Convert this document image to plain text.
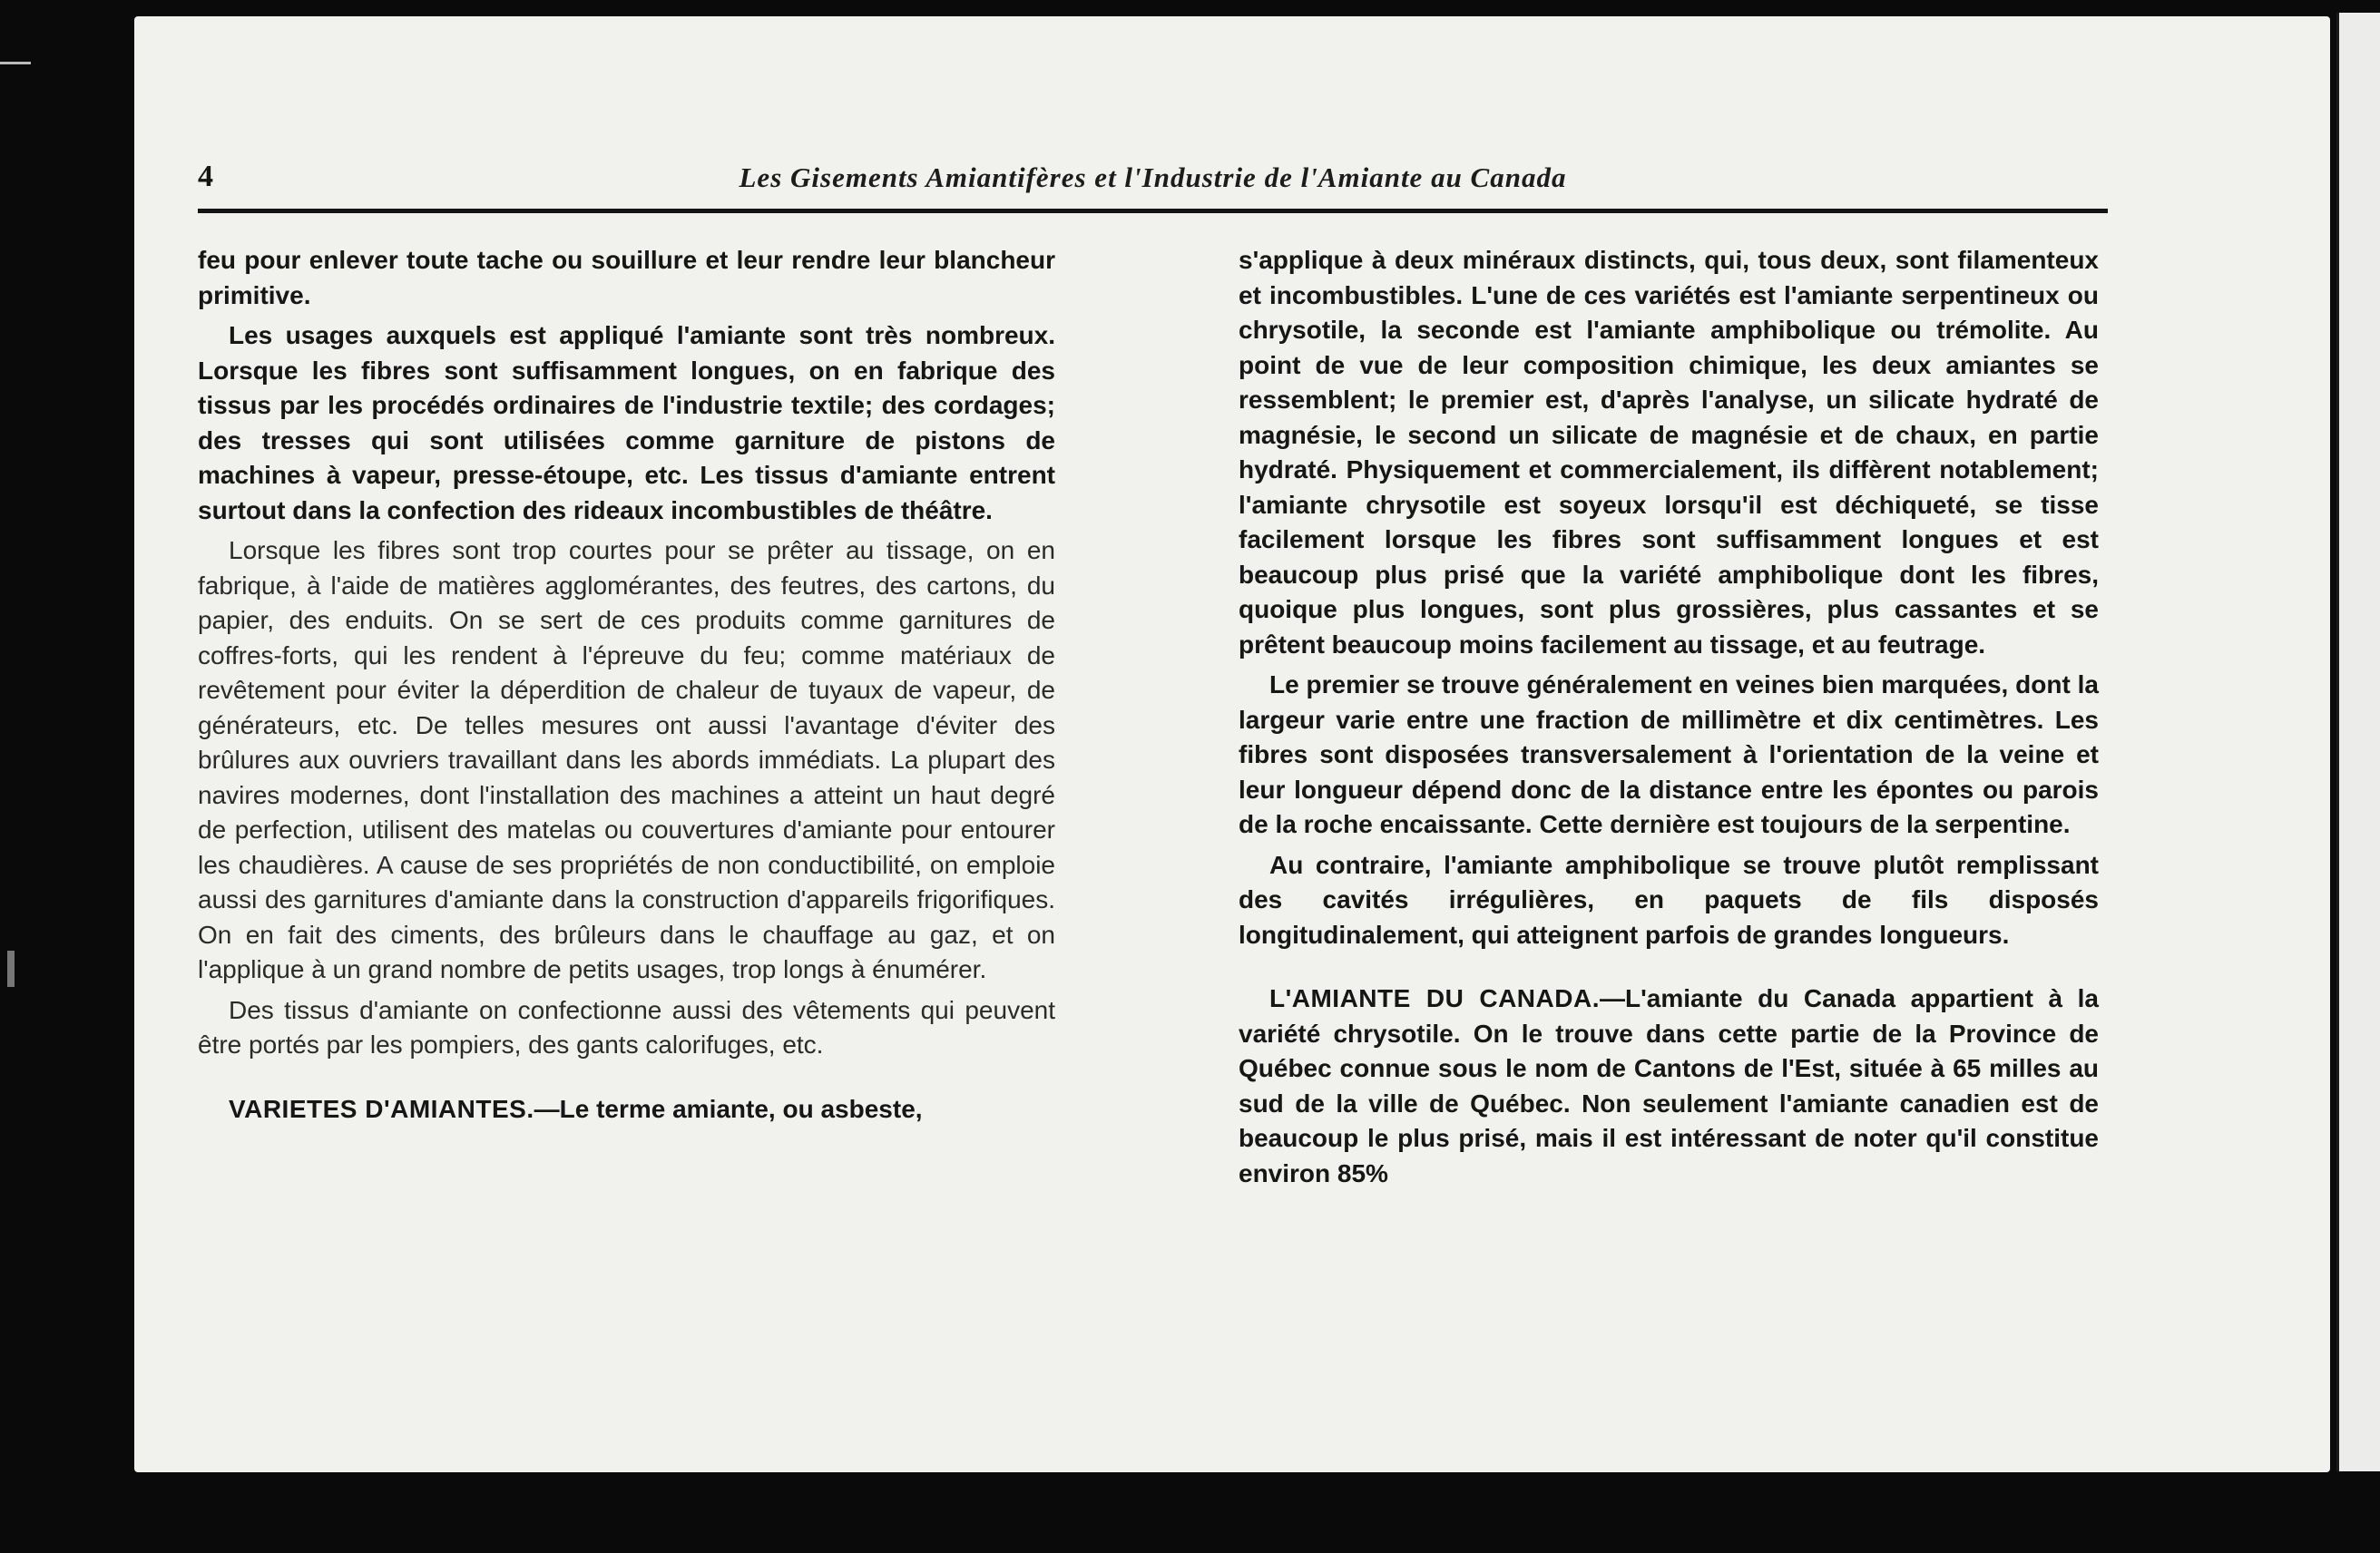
4	Les Gisements Amiantifères et l'Industrie de l'Amiante au Canada

feu pour enlever toute tache ou souillure et leur rendre leur blancheur primitive.

Les usages auxquels est appliqué l'amiante sont très nombreux. Lorsque les fibres sont suffisamment longues, on en fabrique des tissus par les procédés ordinaires de l'industrie textile; des cordages; des tresses qui sont utilisées comme garniture de pistons de machines à vapeur, presse-étoupe, etc. Les tissus d'amiante entrent surtout dans la confection des rideaux incombustibles de théâtre.

Lorsque les fibres sont trop courtes pour se prêter au tissage, on en fabrique, à l'aide de matières agglomérantes, des feutres, des cartons, du papier, des enduits. On se sert de ces produits comme garnitures de coffres-forts, qui les rendent à l'épreuve du feu; comme matériaux de revêtement pour éviter la déperdition de chaleur de tuyaux de vapeur, de générateurs, etc. De telles mesures ont aussi l'avantage d'éviter des brûlures aux ouvriers travaillant dans les abords immédiats. La plupart des navires modernes, dont l'installation des machines a atteint un haut degré de perfection, utilisent des matelas ou couvertures d'amiante pour entourer les chaudières. A cause de ses propriétés de non conductibilité, on emploie aussi des garnitures d'amiante dans la construction d'appareils frigorifiques. On en fait des ciments, des brûleurs dans le chauffage au gaz, et on l'applique à un grand nombre de petits usages, trop longs à énumérer.

Des tissus d'amiante on confectionne aussi des vêtements qui peuvent être portés par les pompiers, des gants calorifuges, etc.

VARIETES D'AMIANTES.—Le terme amiante, ou asbeste,

s'applique à deux minéraux distincts, qui, tous deux, sont filamenteux et incombustibles. L'une de ces variétés est l'amiante serpentineux ou chrysotile, la seconde est l'amiante amphibolique ou trémolite. Au point de vue de leur composition chimique, les deux amiantes se ressemblent; le premier est, d'après l'analyse, un silicate hydraté de magnésie, le second un silicate de magnésie et de chaux, en partie hydraté. Physiquement et commercialement, ils diffèrent notablement; l'amiante chrysotile est soyeux lorsqu'il est déchiqueté, se tisse facilement lorsque les fibres sont suffisamment longues et est beaucoup plus prisé que la variété amphibolique dont les fibres, quoique plus longues, sont plus grossières, plus cassantes et se prêtent beaucoup moins facilement au tissage, et au feutrage.

Le premier se trouve généralement en veines bien marquées, dont la largeur varie entre une fraction de millimètre et dix centimètres. Les fibres sont disposées transversalement à l'orientation de la veine et leur longueur dépend donc de la distance entre les épontes ou parois de la roche encaissante. Cette dernière est toujours de la serpentine.

Au contraire, l'amiante amphibolique se trouve plutôt remplissant des cavités irrégulières, en paquets de fils disposés longitudinalement, qui atteignent parfois de grandes longueurs.

L'AMIANTE DU CANADA.—L'amiante du Canada appartient à la variété chrysotile. On le trouve dans cette partie de la Province de Québec connue sous le nom de Cantons de l'Est, située à 65 milles au sud de la ville de Québec. Non seulement l'amiante canadien est de beaucoup le plus prisé, mais il est intéressant de noter qu'il constitue environ 85%
